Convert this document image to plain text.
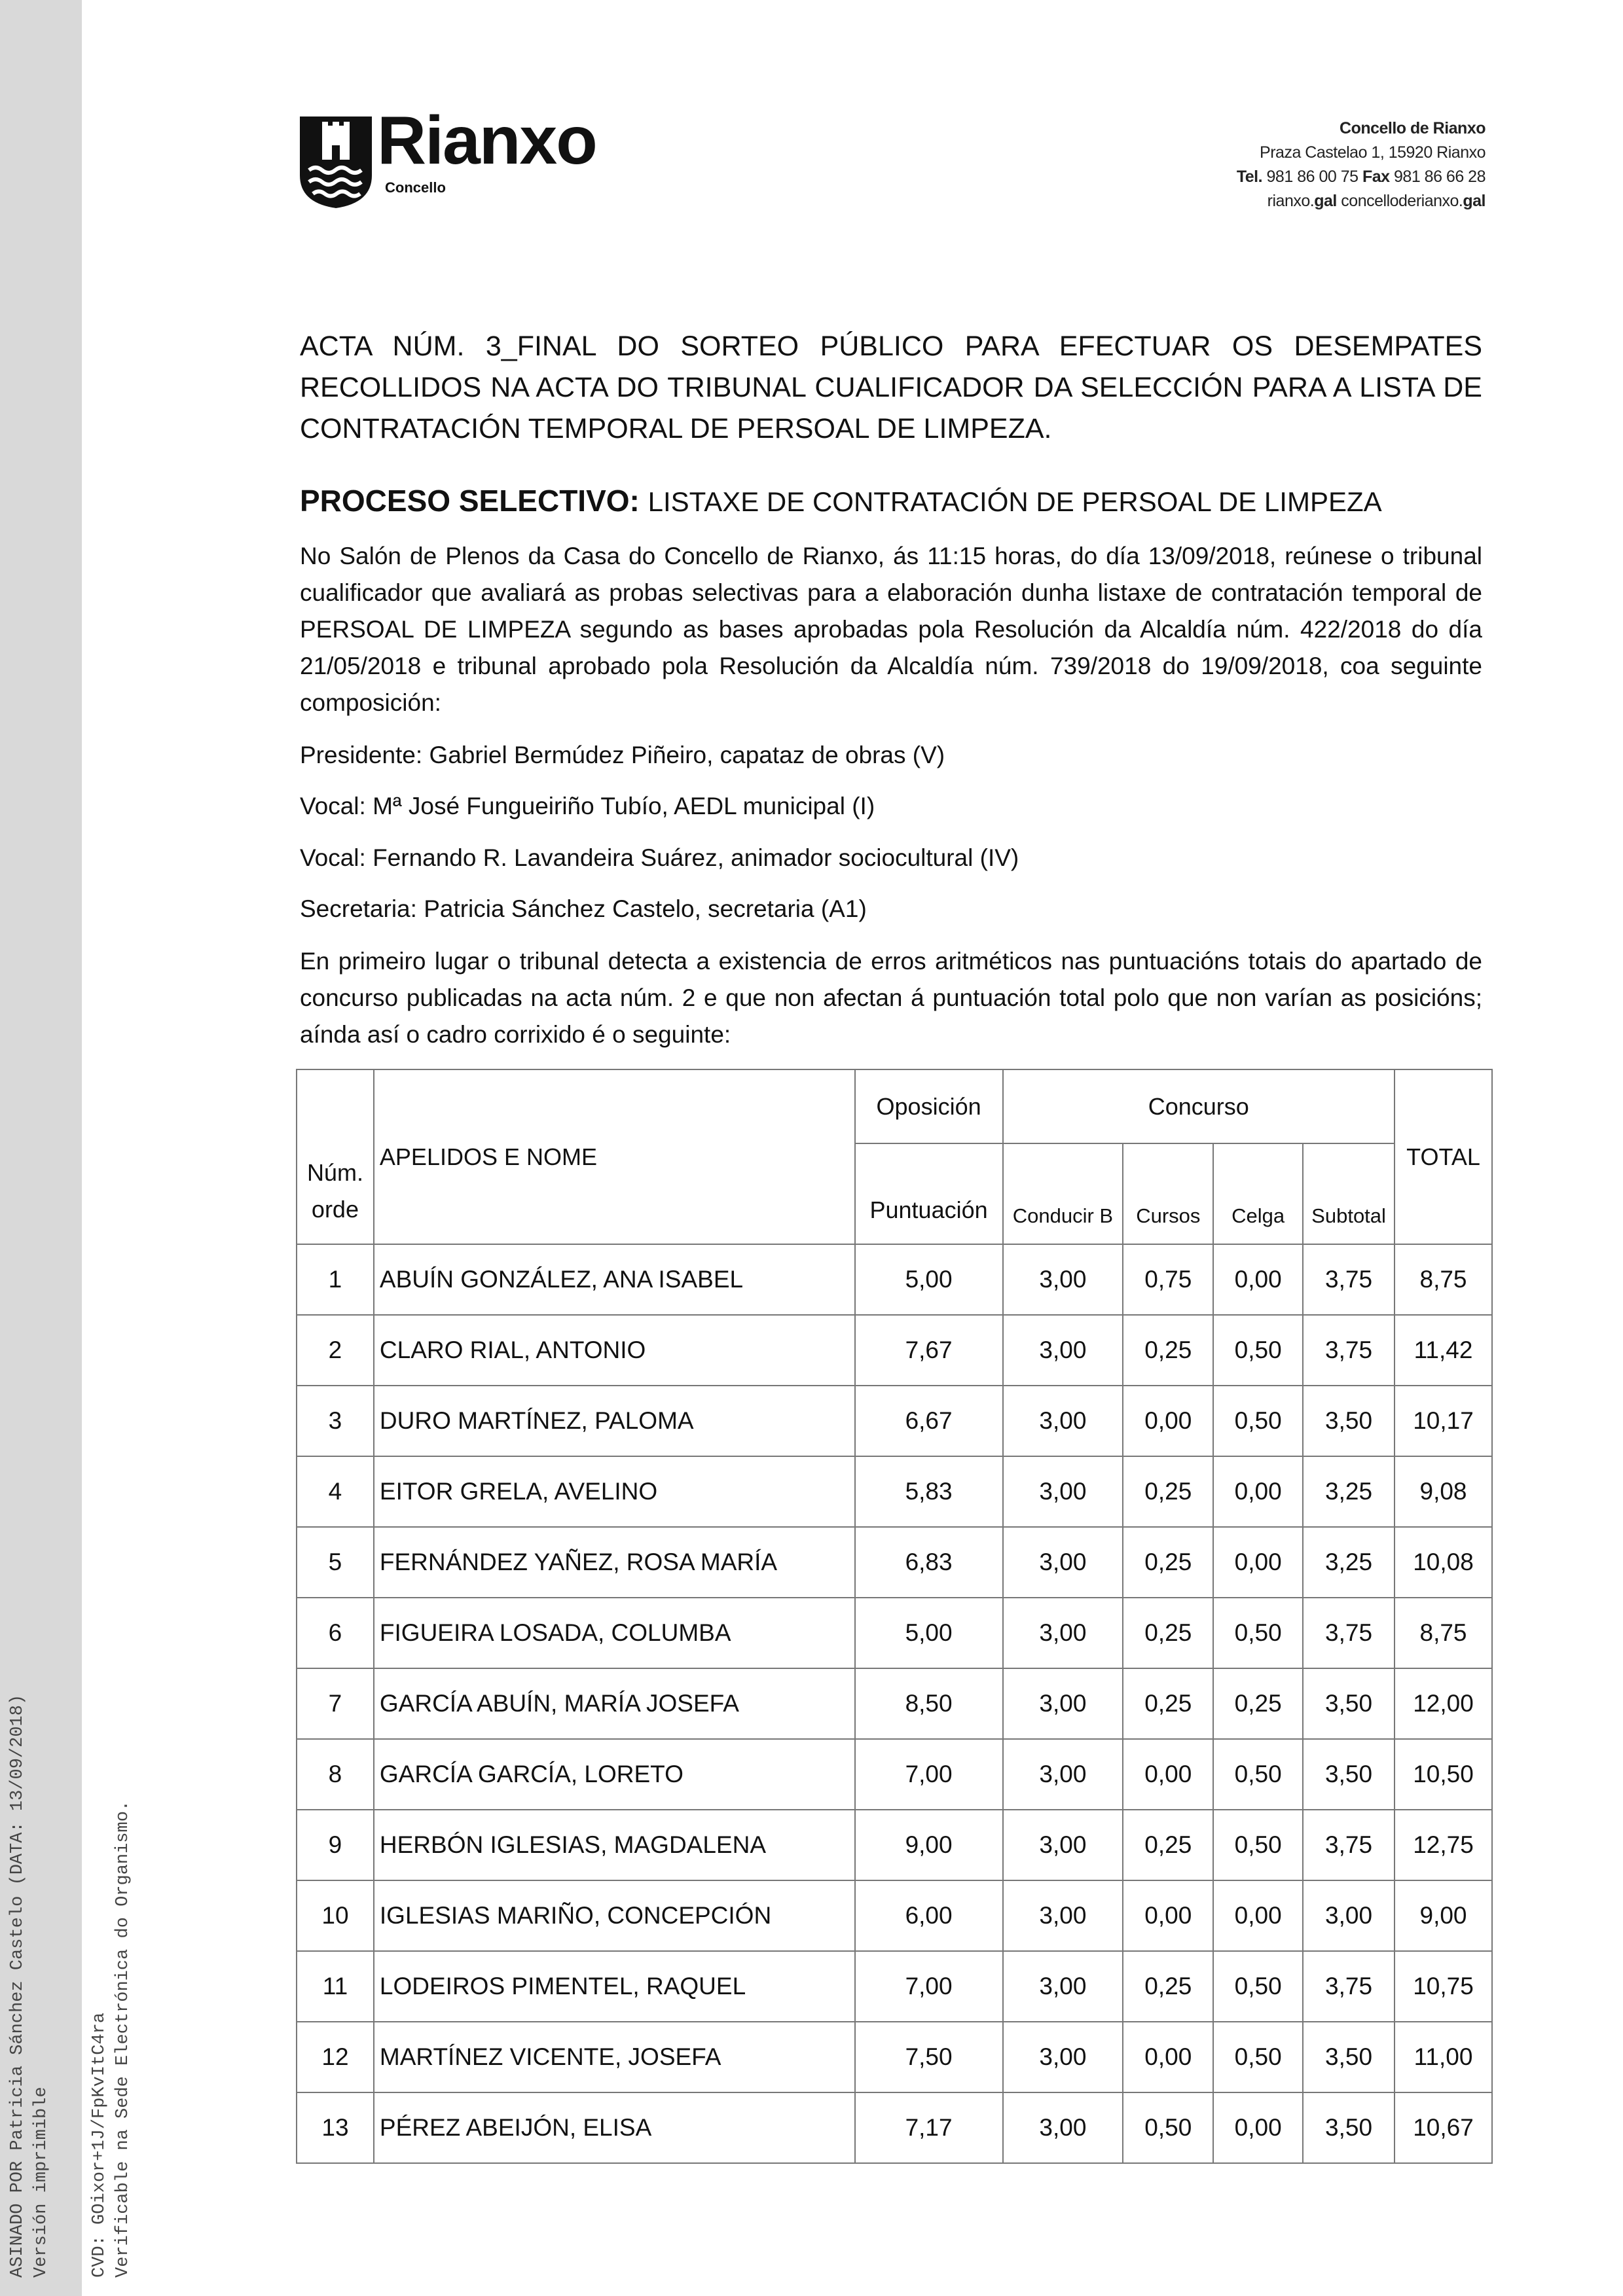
ASINADO POR Patricia Sánchez Castelo (DATA: 13/09/2018) Versión imprimible CVD: GOixor+1J/FpKvItC4ra Verificable na Sede Electrónica do Organismo.
Rianxo
Concello
Concello de Rianxo
Praza Castelao 1, 15920 Rianxo
Tel. 981 86 00 75 Fax 981 86 66 28
rianxo.gal concelloderianxo.gal
ACTA NÚM. 3_FINAL DO SORTEO PÚBLICO PARA EFECTUAR OS DESEMPATES RECOLLIDOS NA ACTA DO TRIBUNAL CUALIFICADOR DA SELECCIÓN PARA A LISTA DE CONTRATACIÓN TEMPORAL DE PERSOAL DE LIMPEZA.
PROCESO SELECTIVO: LISTAXE DE CONTRATACIÓN DE PERSOAL DE LIMPEZA
No Salón de Plenos da Casa do Concello de Rianxo, ás 11:15 horas, do día 13/09/2018, reúnese o tribunal cualificador que avaliará as probas selectivas para a elaboración dunha listaxe de contratación temporal de PERSOAL DE LIMPEZA segundo as bases aprobadas pola Resolución da Alcaldía núm. 422/2018 do día 21/05/2018 e tribunal aprobado pola Resolución da Alcaldía núm. 739/2018 do 19/09/2018, coa seguinte composición:
Presidente: Gabriel Bermúdez Piñeiro, capataz de obras (V)
Vocal: Mª José Fungueiriño Tubío, AEDL municipal (I)
Vocal: Fernando R. Lavandeira Suárez, animador sociocultural (IV)
Secretaria: Patricia Sánchez Castelo, secretaria (A1)
En primeiro lugar o tribunal detecta a existencia de erros aritméticos nas puntuacións totais do apartado de concurso publicadas na acta núm. 2 e que non afectan á puntuación total polo que non varían as posicións; aínda así o cadro corrixido é o seguinte:
Núm. orde	APELIDOS E NOME	Oposición	Concurso				TOTAL
		Puntuación	Conducir B	Cursos	Celga	Subtotal	
1	ABUÍN GONZÁLEZ, ANA ISABEL	5,00	3,00	0,75	0,00	3,75	8,75
2	CLARO RIAL, ANTONIO	7,67	3,00	0,25	0,50	3,75	11,42
3	DURO MARTÍNEZ, PALOMA	6,67	3,00	0,00	0,50	3,50	10,17
4	EITOR GRELA, AVELINO	5,83	3,00	0,25	0,00	3,25	9,08
5	FERNÁNDEZ YAÑEZ, ROSA MARÍA	6,83	3,00	0,25	0,00	3,25	10,08
6	FIGUEIRA LOSADA, COLUMBA	5,00	3,00	0,25	0,50	3,75	8,75
7	GARCÍA ABUÍN, MARÍA JOSEFA	8,50	3,00	0,25	0,25	3,50	12,00
8	GARCÍA GARCÍA, LORETO	7,00	3,00	0,00	0,50	3,50	10,50
9	HERBÓN IGLESIAS, MAGDALENA	9,00	3,00	0,25	0,50	3,75	12,75
10	IGLESIAS MARIÑO, CONCEPCIÓN	6,00	3,00	0,00	0,00	3,00	9,00
11	LODEIROS PIMENTEL, RAQUEL	7,00	3,00	0,25	0,50	3,75	10,75
12	MARTÍNEZ VICENTE, JOSEFA	7,50	3,00	0,00	0,50	3,50	11,00
13	PÉREZ ABEIJÓN, ELISA	7,17	3,00	0,50	0,00	3,50	10,67
